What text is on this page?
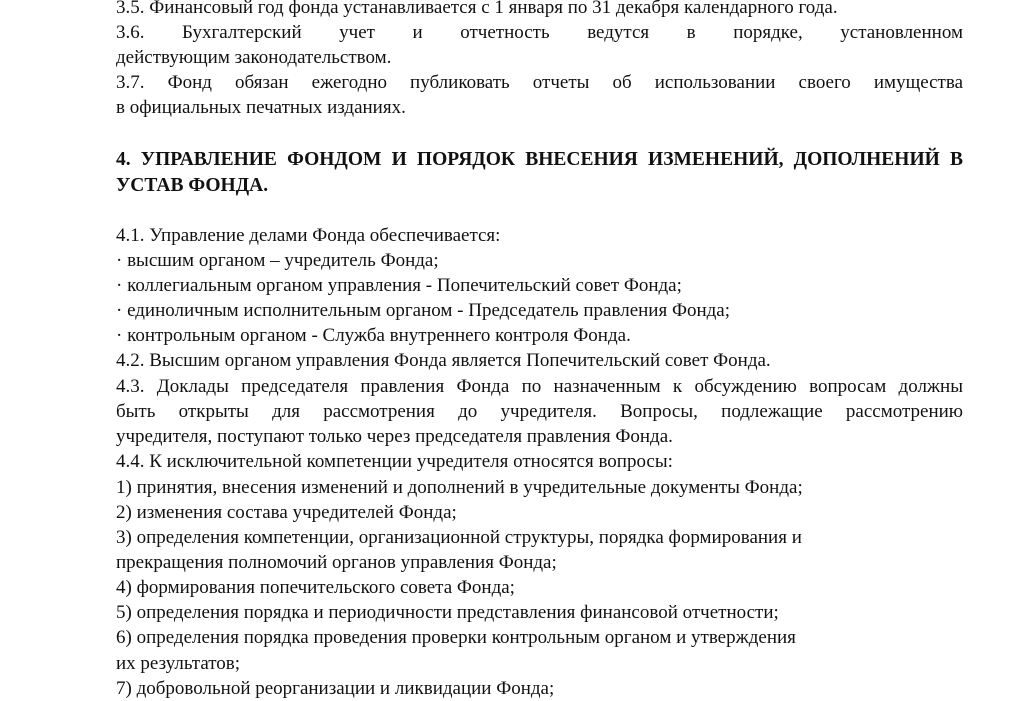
3.5. Финансовый год фонда устанавливается с 1 января по 31 декабря календарного года.
3.6. Бухгалтерский учет и отчетность ведутся в порядке, установленном
действующим законодательством.
3.7. Фонд обязан ежегодно публиковать отчеты об использовании своего имущества
в официальных печатных изданиях.
4. УПРАВЛЕНИЕ ФОНДОМ И ПОРЯДОК ВНЕСЕНИЯ ИЗМЕНЕНИЙ, ДОПОЛНЕНИЙ В
УСТАВ ФОНДА.
4.1. Управление делами Фонда обеспечивается:
· высшим органом – учредитель Фонда;
· коллегиальным органом управления - Попечительский совет Фонда;
· единоличным исполнительным органом - Председатель правления Фонда;
· контрольным органом - Служба внутреннего контроля Фонда.
4.2. Высшим органом управления Фонда является Попечительский совет Фонда.
4.3. Доклады председателя правления Фонда по назначенным к обсуждению вопросам должны
быть открыты для рассмотрения до учредителя. Вопросы, подлежащие рассмотрению
учредителя, поступают только через председателя правления Фонда.
4.4. К исключительной компетенции учредителя относятся вопросы:
1) принятия, внесения изменений и дополнений в учредительные документы Фонда;
2) изменения состава учредителей Фонда;
3) определения компетенции, организационной структуры, порядка формирования и
прекращения полномочий органов управления Фонда;
4) формирования попечительского совета Фонда;
5) определения порядка и периодичности представления финансовой отчетности;
6) определения порядка проведения проверки контрольным органом и утверждения
их результатов;
7) добровольной реорганизации и ликвидации Фонда;
